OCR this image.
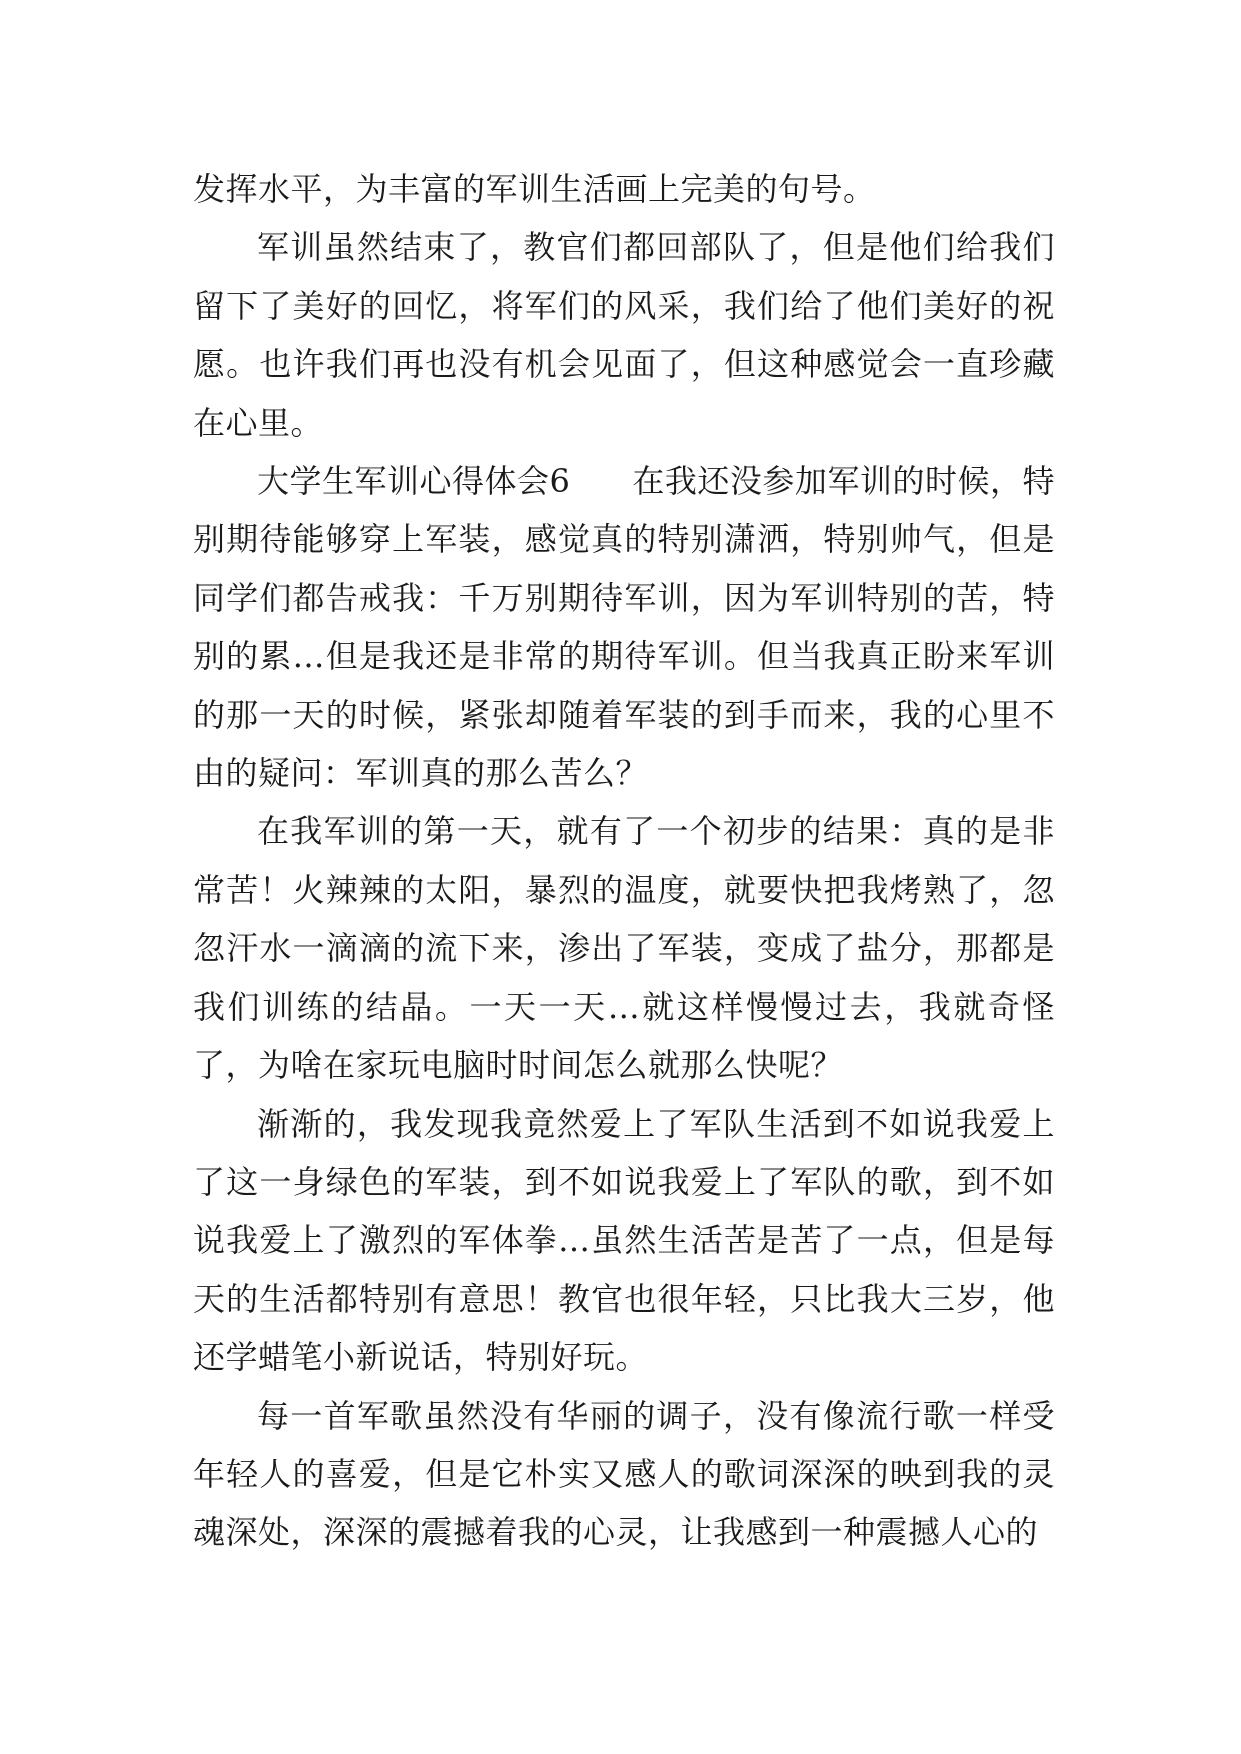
发挥水平，为丰富的军训生活画上完美的句号。

军训虽然结束了，教官们都回部队了，但是他们给我们留下了美好的回忆，将军们的风采，我们给了他们美好的祝愿。也许我们再也没有机会见面了，但这种感觉会一直珍藏在心里。

大学生军训心得体会6 在我还没参加军训的时候，特别期待能够穿上军装，感觉真的特别潇洒，特别帅气，但是同学们都告戒我：千万别期待军训，因为军训特别的苦，特别的累…但是我还是非常的期待军训。但当我真正盼来军训的那一天的时候，紧张却随着军装的到手而来，我的心里不由的疑问：军训真的那么苦么？

在我军训的第一天，就有了一个初步的结果：真的是非常苦！火辣辣的太阳，暴烈的温度，就要快把我烤熟了，忽忽汗水一滴滴的流下来，渗出了军装，变成了盐分，那都是我们训练的结晶。一天一天…就这样慢慢过去，我就奇怪了，为啥在家玩电脑时时间怎么就那么快呢？

渐渐的，我发现我竟然爱上了军队生活到不如说我爱上了这一身绿色的军装，到不如说我爱上了军队的歌，到不如说我爱上了激烈的军体拳…虽然生活苦是苦了一点，但是每天的生活都特别有意思！教官也很年轻，只比我大三岁，他还学蜡笔小新说话，特别好玩。

每一首军歌虽然没有华丽的调子，没有像流行歌一样受年轻人的喜爱，但是它朴实又感人的歌词深深的映到我的灵魂深处，深深的震撼着我的心灵，让我感到一种震撼人心的
